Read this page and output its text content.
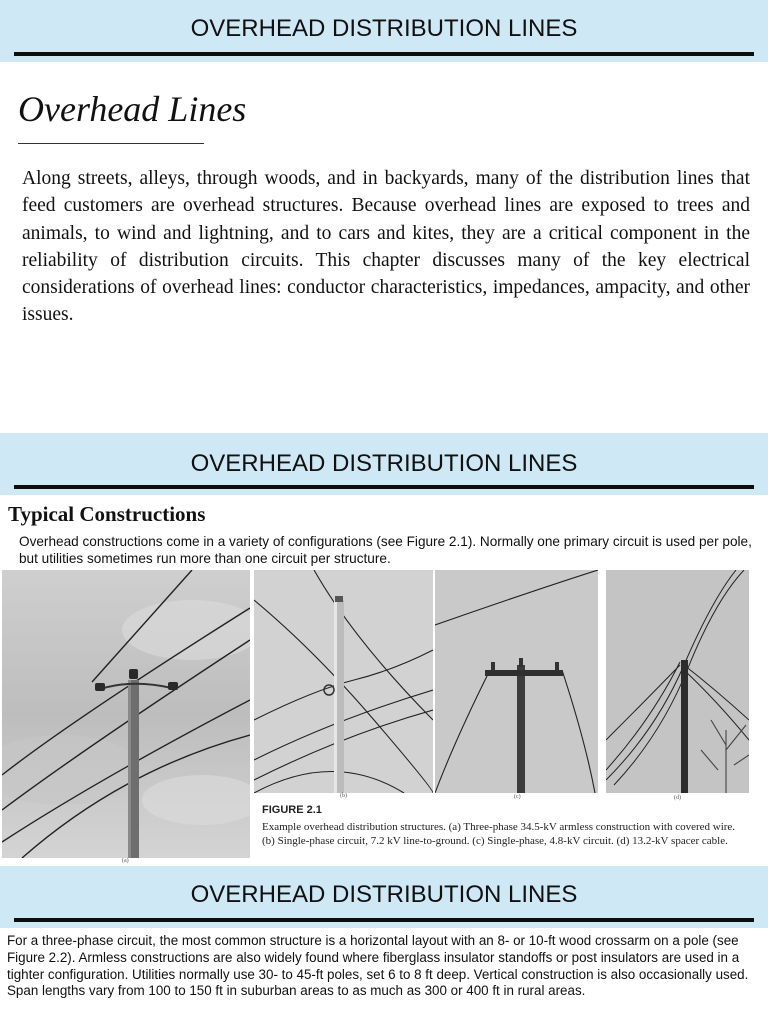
OVERHEAD DISTRIBUTION LINES
Overhead Lines
Along streets, alleys, through woods, and in backyards, many of the distribution lines that feed customers are overhead structures. Because overhead lines are exposed to trees and animals, to wind and lightning, and to cars and kites, they are a critical component in the reliability of distribution circuits. This chapter discusses many of the key electrical considerations of overhead lines: conductor characteristics, impedances, ampacity, and other issues.
OVERHEAD DISTRIBUTION LINES
Typical Constructions
Overhead constructions come in a variety of configurations (see Figure 2.1). Normally one primary circuit is used per pole, but utilities sometimes run more than one circuit per structure.
(a)
(b)	(c)	(d)
FIGURE 2.1
Example overhead distribution structures. (a) Three-phase 34.5-kV armless construction with covered wire. (b) Single-phase circuit, 7.2 kV line-to-ground. (c) Single-phase, 4.8-kV circuit. (d) 13.2-kV spacer cable.
OVERHEAD DISTRIBUTION LINES
For a three-phase circuit, the most common structure is a horizontal layout with an 8- or 10-ft wood crossarm on a pole (see Figure 2.2). Armless constructions are also widely found where fiberglass insulator standoffs or post insulators are used in a tighter configuration. Utilities normally use 30- to 45-ft poles, set 6 to 8 ft deep. Vertical construction is also occasionally used. Span lengths vary from 100 to 150 ft in suburban areas to as much as 300 or 400 ft in rural areas.
